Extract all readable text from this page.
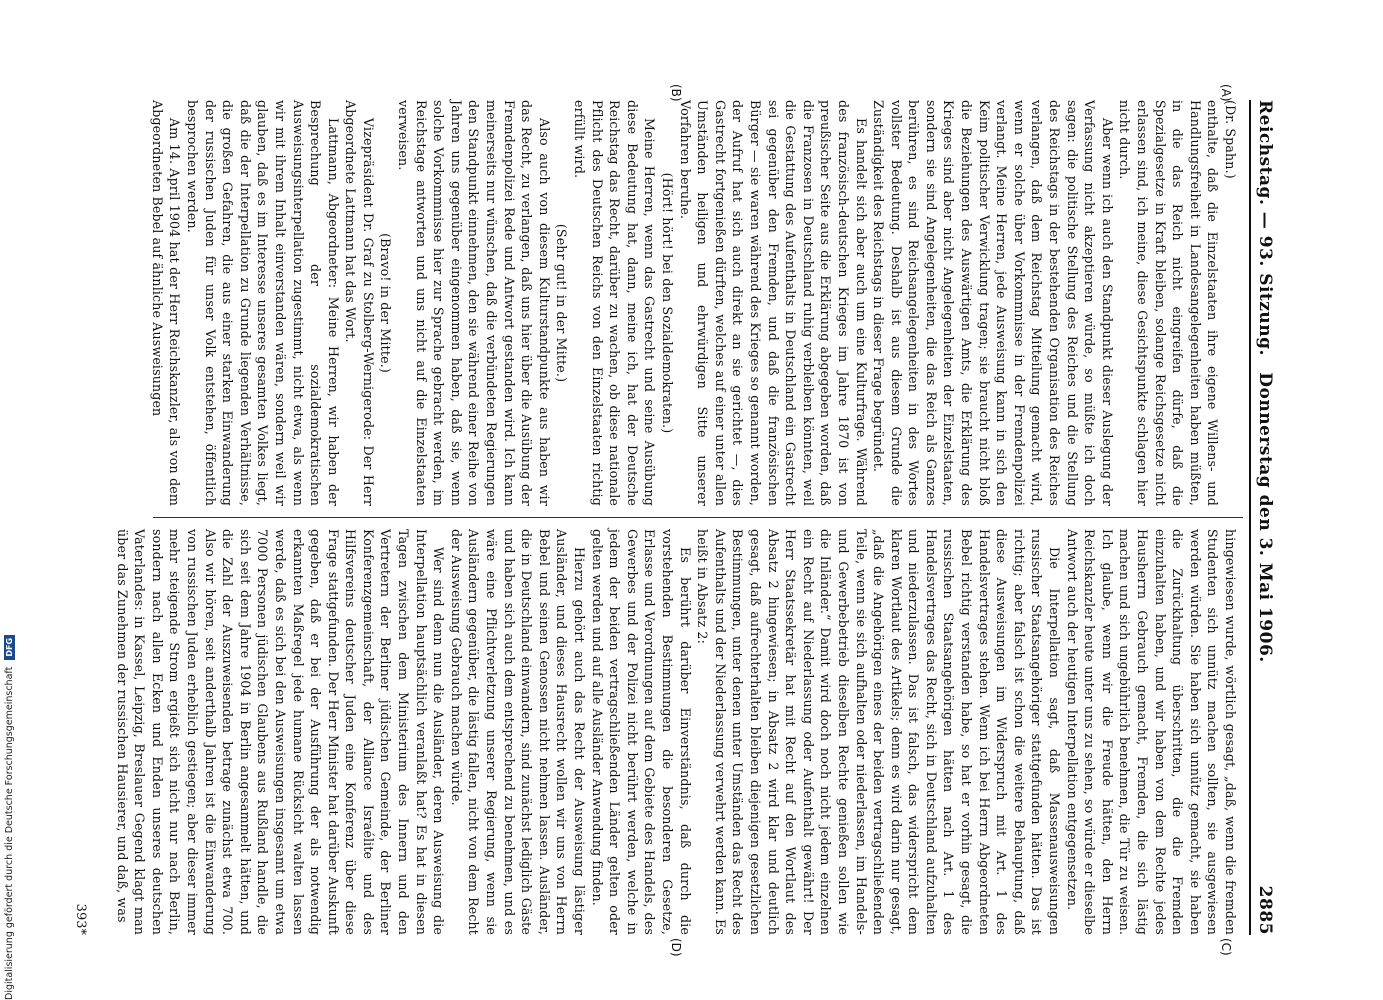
Reichstag. — 93. Sitzung.
Donnerstag den 3. Mai 1906.
2885
(A)
(B)
(C)
(D)

(Dr. Spahn.)

enthalte, daß die Einzelstaaten ihre eigene Willens- und Handlungsfreiheit in Landesangelegenheiten haben müßten, in die das Reich nicht eingreifen dürfe, daß die Spezialgesetze in Kraft bleiben, solange Reichsgesetze nicht erlassen sind, ich meine, diese Gesichtspunkte schlagen hier nicht durch.

Aber wenn ich auch den Standpunkt dieser Auslegung der Verfassung nicht akzeptieren würde, so müßte ich doch sagen: die politische Stellung des Reiches und die Stellung des Reichstags in der bestehenden Organisation des Reiches verlangen, daß dem Reichstag Mitteilung gemacht wird, wenn er solche über Vorkommnisse in der Fremdenpolizei verlangt. Meine Herren, jede Ausweisung kann in sich den Keim politischer Verwicklung tragen; sie braucht nicht bloß die Beziehungen des Auswärtigen Amts, die Erklärung des Krieges sind aber nicht Angelegenheiten der Einzelstaaten, sondern sie sind Angelegenheiten, die das Reich als Ganzes berühren, es sind Reichsangelegenheiten in des Wortes vollster Bedeutung. Deshalb ist aus diesem Grunde die Zuständigkeit des Reichstags in dieser Frage begründet.

Es handelt sich aber auch um eine Kulturfrage. Während des französisch-deutschen Krieges im Jahre 1870 ist von preußischer Seite aus die Erklärung abgegeben worden, daß die Franzosen in Deutschland ruhig verbleiben könnten, weil die Gestattung des Aufenthalts in Deutschland ein Gastrecht sei gegenüber den Fremden, und daß die französischen Bürger — sie waren während des Krieges so genannt worden, der Aufruf hat sich auch direkt an sie gerichtet —, dies Gastrecht fortgenießen dürften, welches auf einer unter allen Umständen heiligen und ehrwürdigen Sitte unserer Vorfahren beruhe.

(Hört! hört! bei den Sozialdemokraten.)

Meine Herren, wenn das Gastrecht und seine Ausübung diese Bedeutung hat, dann, meine ich, hat der Deutsche Reichstag das Recht, darüber zu wachen, ob diese nationale Pflicht des Deutschen Reichs von den Einzelstaaten richtig erfüllt wird.

(Sehr gut! in der Mitte.)

Also auch von diesem Kulturstandpunkte aus haben wir das Recht, zu verlangen, daß uns hier über die Ausübung der Fremdenpolizei Rede und Antwort gestanden wird. Ich kann meinerseits nur wünschen, daß die verbündeten Regierungen den Standpunkt einnehmen, den sie während einer Reihe von Jahren uns gegenüber eingenommen haben, daß sie, wenn solche Vorkommnisse hier zur Sprache gebracht werden, im Reichstage antworten und uns nicht auf die Einzelstaaten verweisen.

(Bravo! in der Mitte.)

Vizepräsident Dr. Graf zu Stolberg-Wernigerode: Der Herr Abgeordnete Lattmann hat das Wort.

Lattmann, Abgeordneter: Meine Herren, wir haben der Besprechung der sozialdemokratischen Ausweisungsinterpellation zugestimmt, nicht etwa, als wenn wir mit ihrem Inhalt einverstanden wären, sondern weil wir glauben, daß es im Interesse unseres gesamten Volkes liegt, daß die der Interpellation zu Grunde liegenden Verhältnisse, die großen Gefahren, die aus einer starken Einwanderung der russischen Juden für unser Volk entstehen, öffentlich besprochen werden.

Am 14. April 1904 hat der Herr Reichskanzler, als von dem Abgeordneten Bebel auf ähnliche Ausweisungen

hingewiesen wurde, wörtlich gesagt, „daß, wenn die fremden Studenten sich unnütz machen sollten, sie ausgewiesen werden würden. Sie haben sich unnütz gemacht, sie haben die Zurückhaltung überschritten, die die Fremden einzuhalten haben, und wir haben von dem Rechte jedes Hausherrn Gebrauch gemacht, Fremden, die sich lästig machen und sich ungebührlich benehmen, die Tür zu weisen. Ich glaube, wenn wir die Freude hätten, den Herrn Reichskanzler heute unter uns zu sehen, so würde er dieselbe Antwort auch der heutigen Interpellation entgegensetzen.

Die Interpellation sagt, daß Massenausweisungen russischer Staatsangehöriger stattgefunden hätten. Das ist richtig; aber falsch ist schon die weitere Behauptung, daß diese Ausweisungen im Widerspruch mit Art. 1 des Handelsvertrages stehen. Wenn ich bei Herrn Abgeordneten Bebel richtig verstanden habe, so hat er vorhin gesagt, die russischen Staatsangehörigen hätten nach Art. 1 des Handelsvertrages das Recht, sich in Deutschland aufzuhalten und niederzulassen. Das ist falsch, das widerspricht dem klaren Wortlaut des Artikels; denn es wird darin nur gesagt, „daß die Angehörigen eines der beiden vertragschließenden Teile, wenn sie sich aufhalten oder niederlassen, im Handels- und Gewerbebetrieb dieselben Rechte genießen sollen wie die Inländer.“ Damit wird doch noch nicht jedem einzelnen ein Recht auf Niederlassung oder Aufenthalt gewährt! Der Herr Staatssekretär hat mit Recht auf den Wortlaut des Absatz 2 hingewiesen; in Absatz 2 wird klar und deutlich gesagt, daß aufrechterhalten bleiben diejenigen gesetzlichen Bestimmungen, unter denen unter Umständen das Recht des Aufenthalts und der Niederlassung verwehrt werden kann. Es heißt in Absatz 2:

Es berührt darüber Einverständnis, daß durch die vorstehenden Bestimmungen die besonderen Gesetze, Erlasse und Verordnungen auf dem Gebiete des Handels, des Gewerbes und der Polizei nicht berührt werden, welche in jedem der beiden vertragschließenden Länder gelten oder gelten werden und auf alle Ausländer Anwendung finden.

Hierzu gehört auch das Recht der Ausweisung lästiger Ausländer, und dieses Hausrecht wollen wir uns von Herrn Bebel und seinen Genossen nicht nehmen lassen. Ausländer, die in Deutschland einwandern, sind zunächst lediglich Gäste und haben sich auch dem entsprechend zu benehmen, und es wäre eine Pflichtverletzung unserer Regierung, wenn sie Ausländern gegenüber, die lästig fallen, nicht von dem Recht der Ausweisung Gebrauch machen würde.

Wer sind denn nun die Ausländer, deren Ausweisung die Interpellation hauptsächlich veranlaßt hat? Es hat in diesen Tagen zwischen dem Ministerium des Innern und den Vertretern der Berliner jüdischen Gemeinde, der Berliner Konferenzgemeinschaft, der Alliance Israélite und des Hilfsvereins deutscher Juden eine Konferenz über diese Frage stattgefunden. Der Herr Minister hat darüber Auskunft gegeben, daß er bei der Ausführung der als notwendig erkannten Maßregel jede humane Rücksicht walten lassen werde, daß es sich bei den Ausweisungen insgesamt um etwa 7000 Personen jüdischen Glaubens aus Rußland handle, die sich seit dem Jahre 1904 in Berlin angesammelt hätten, und die Zahl der Auszuweisenden betrage zunächst etwa 700. Also wir hören, seit anderthalb Jahren ist die Einwanderung von russischen Juden erheblich gestiegen; aber dieser immer mehr steigende Strom ergießt sich nicht nur nach Berlin, sondern nach allen Ecken und Enden unseres deutschen Vaterlandes: in Kassel, Leipzig, Breslauer Gegend klagt man über das Zunehmen der russischen Hausierer, und daß, was

393*
Digitalisierung gefördert durch die Deutsche Forschungsgemeinschaft DFG
